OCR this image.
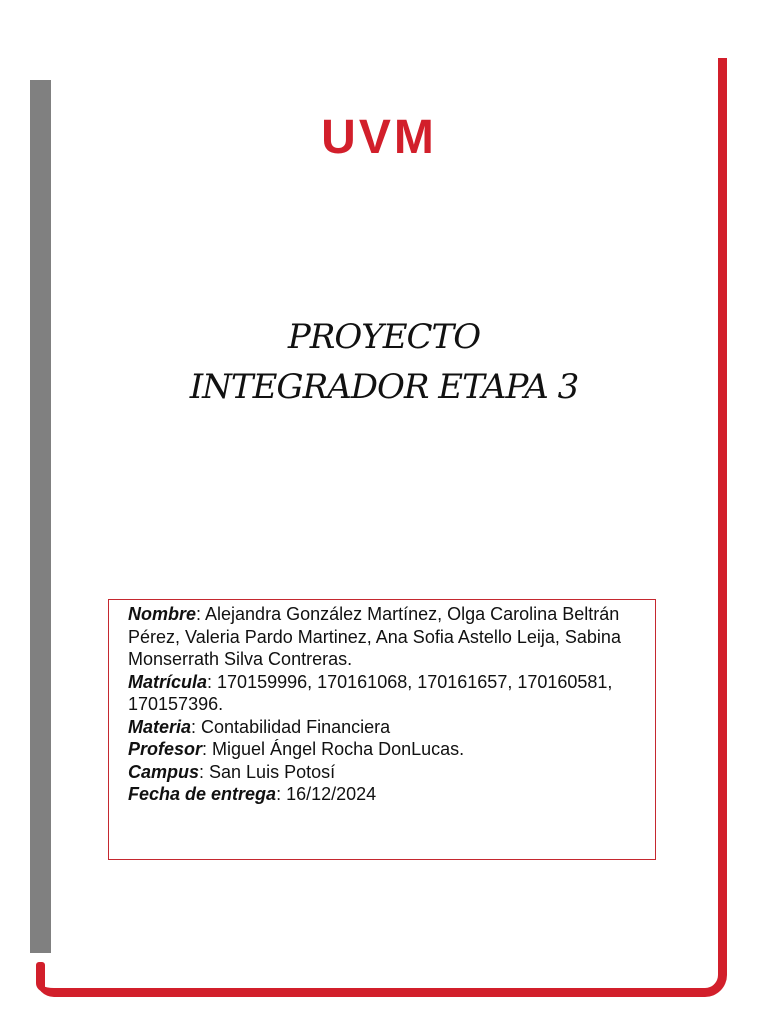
UVM
PROYECTO
INTEGRADOR ETAPA 3

Nombre: Alejandra González Martínez, Olga Carolina Beltrán Pérez, Valeria Pardo Martinez, Ana Sofia Astello Leija, Sabina Monserrath Silva Contreras.

Matrícula: 170159996, 170161068, 170161657, 170160581, 170157396.

Materia: Contabilidad Financiera

Profesor: Miguel Ángel Rocha DonLucas.

Campus: San Luis Potosí

Fecha de entrega: 16/12/2024
